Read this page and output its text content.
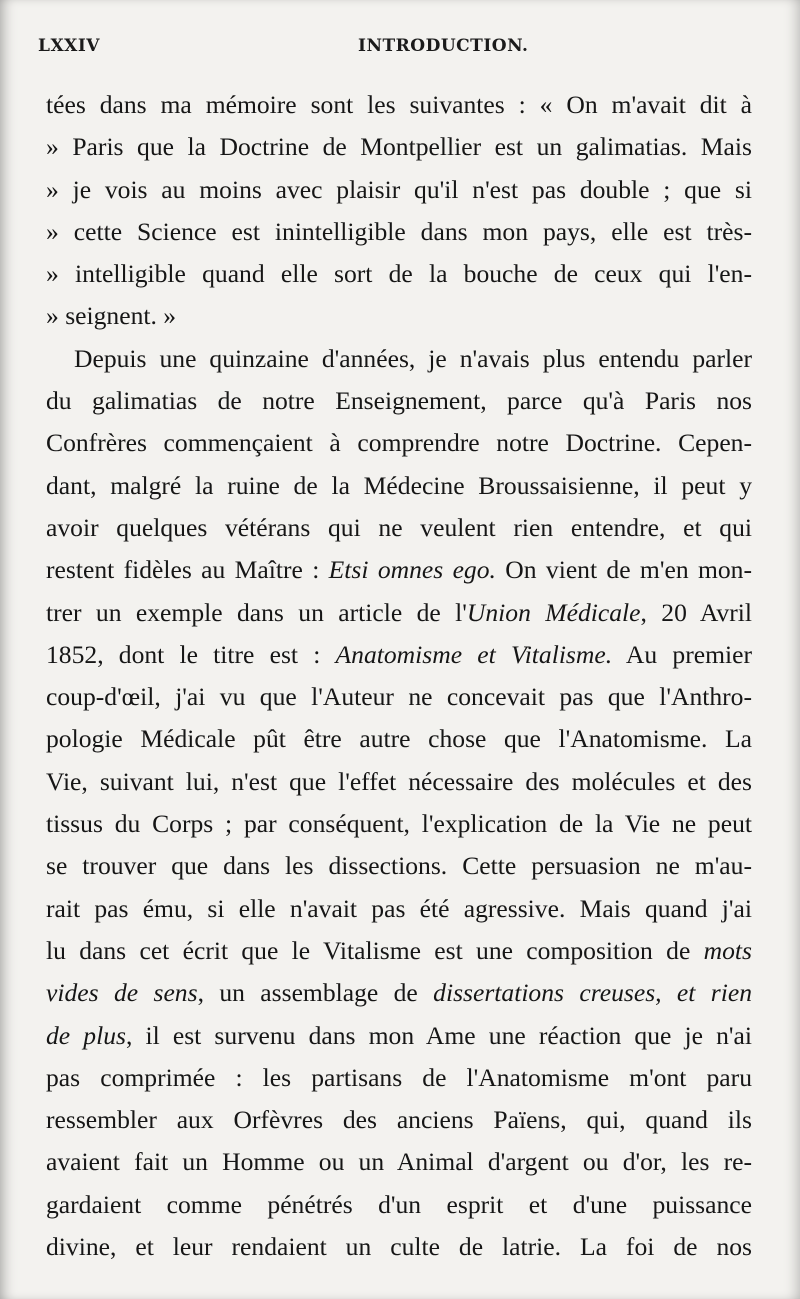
LXXIV	INTRODUCTION.
tées dans ma mémoire sont les suivantes : « On m'avait dit à
» Paris que la Doctrine de Montpellier est un galimatias. Mais
» je vois au moins avec plaisir qu'il n'est pas double ; que si
» cette Science est inintelligible dans mon pays, elle est très-
» intelligible quand elle sort de la bouche de ceux qui l'en-
» seignent. »
Depuis une quinzaine d'années, je n'avais plus entendu parler
du galimatias de notre Enseignement, parce qu'à Paris nos
Confrères commençaient à comprendre notre Doctrine. Cepen-
dant, malgré la ruine de la Médecine Broussaisienne, il peut y
avoir quelques vétérans qui ne veulent rien entendre, et qui
restent fidèles au Maître : Etsi omnes ego. On vient de m'en mon-
trer un exemple dans un article de l'Union Médicale, 20 Avril
1852, dont le titre est : Anatomisme et Vitalisme. Au premier
coup-d'œil, j'ai vu que l'Auteur ne concevait pas que l'Anthro-
pologie Médicale pût être autre chose que l'Anatomisme. La
Vie, suivant lui, n'est que l'effet nécessaire des molécules et des
tissus du Corps ; par conséquent, l'explication de la Vie ne peut
se trouver que dans les dissections. Cette persuasion ne m'au-
rait pas ému, si elle n'avait pas été agressive. Mais quand j'ai
lu dans cet écrit que le Vitalisme est une composition de mots
vides de sens, un assemblage de dissertations creuses, et rien
de plus, il est survenu dans mon Ame une réaction que je n'ai
pas comprimée : les partisans de l'Anatomisme m'ont paru
ressembler aux Orfèvres des anciens Païens, qui, quand ils
avaient fait un Homme ou un Animal d'argent ou d'or, les re-
gardaient comme pénétrés d'un esprit et d'une puissance
divine, et leur rendaient un culte de latrie. La foi de nos
